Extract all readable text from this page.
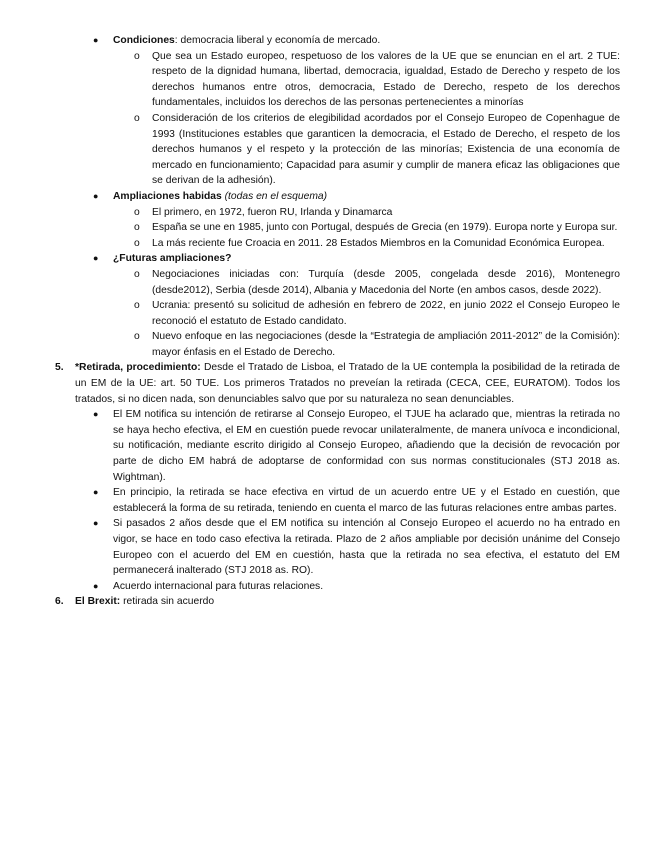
● Condiciones: democracia liberal y economía de mercado.
o Que sea un Estado europeo, respetuoso de los valores de la UE que se enuncian en el art. 2 TUE: respeto de la dignidad humana, libertad, democracia, igualdad, Estado de Derecho y respeto de los derechos humanos entre otros, democracia, Estado de Derecho, respeto de los derechos fundamentales, incluidos los derechos de las personas pertenecientes a minorías
o Consideración de los criterios de elegibilidad acordados por el Consejo Europeo de Copenhague de 1993 (Instituciones estables que garanticen la democracia, el Estado de Derecho, el respeto de los derechos humanos y el respeto y la protección de las minorías; Existencia de una economía de mercado en funcionamiento; Capacidad para asumir y cumplir de manera eficaz las obligaciones que se derivan de la adhesión).
● Ampliaciones habidas (todas en el esquema)
o El primero, en 1972, fueron RU, Irlanda y Dinamarca
o España se une en 1985, junto con Portugal, después de Grecia (en 1979). Europa norte y Europa sur.
o La más reciente fue Croacia en 2011. 28 Estados Miembros en la Comunidad Económica Europea.
● ¿Futuras ampliaciones?
o Negociaciones iniciadas con: Turquía (desde 2005, congelada desde 2016), Montenegro (desde2012), Serbia (desde 2014), Albania y Macedonia del Norte (en ambos casos, desde 2022).
o Ucrania: presentó su solicitud de adhesión en febrero de 2022, en junio 2022 el Consejo Europeo le reconoció el estatuto de Estado candidato.
o Nuevo enfoque en las negociaciones (desde la “Estrategia de ampliación 2011-2012” de la Comisión): mayor énfasis en el Estado de Derecho.
5. *Retirada, procedimiento: Desde el Tratado de Lisboa, el Tratado de la UE contempla la posibilidad de la retirada de un EM de la UE: art. 50 TUE. Los primeros Tratados no preveían la retirada (CECA, CEE, EURATOM). Todos los tratados, si no dicen nada, son denunciables salvo que por su naturaleza no sean denunciables.
● El EM notifica su intención de retirarse al Consejo Europeo, el TJUE ha aclarado que, mientras la retirada no se haya hecho efectiva, el EM en cuestión puede revocar unilateralmente, de manera unívoca e incondicional, su notificación, mediante escrito dirigido al Consejo Europeo, añadiendo que la decisión de revocación por parte de dicho EM habrá de adoptarse de conformidad con sus normas constitucionales (STJ 2018 as. Wightman).
● En principio, la retirada se hace efectiva en virtud de un acuerdo entre UE y el Estado en cuestión, que establecerá la forma de su retirada, teniendo en cuenta el marco de las futuras relaciones entre ambas partes.
● Si pasados 2 años desde que el EM notifica su intención al Consejo Europeo el acuerdo no ha entrado en vigor, se hace en todo caso efectiva la retirada. Plazo de 2 años ampliable por decisión unánime del Consejo Europeo con el acuerdo del EM en cuestión, hasta que la retirada no sea efectiva, el estatuto del EM permanecerá inalterado (STJ 2018 as. RO).
● Acuerdo internacional para futuras relaciones.
6. El Brexit: retirada sin acuerdo
